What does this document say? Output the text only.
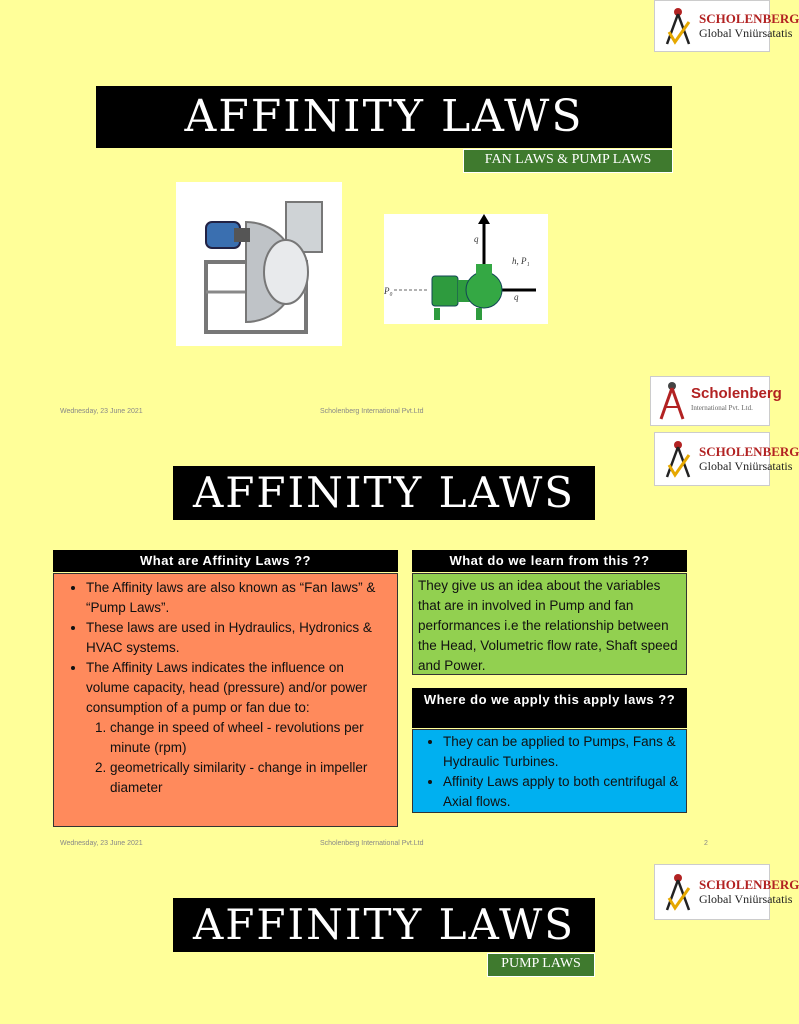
SCHOLENBERG
Global Vniürsatatis
AFFINITY LAWS
FAN LAWS & PUMP LAWS
P₀
h, P₁
q
q
Wednesday, 23 June 2021	Scholenberg International Pvt.Ltd
Scholenberg
International Pvt. Ltd.
SCHOLENBERG
Global Vniürsatatis
AFFINITY LAWS
What are Affinity Laws ??
• The Affinity laws are also known as “Fan laws” & “Pump Laws”.
• These laws are used in Hydraulics, Hydronics & HVAC systems.
• The Affinity Laws indicates the influence on volume capacity, head (pressure) and/or power consumption of a pump or fan due to:
1. change in speed of wheel - revolutions per minute (rpm)
2. geometrically similarity - change in impeller diameter
What do we learn from this ??
They give us an idea about the variables that are in involved in Pump and fan performances i.e the relationship between the Head, Volumetric flow rate, Shaft speed and Power.
Where do we apply this apply laws ??
• They can be applied to Pumps, Fans & Hydraulic Turbines.
• Affinity Laws apply to both centrifugal & Axial flows.
Wednesday, 23 June 2021	Scholenberg International Pvt.Ltd	2
SCHOLENBERG
Global Vniürsatatis
AFFINITY LAWS
PUMP LAWS
